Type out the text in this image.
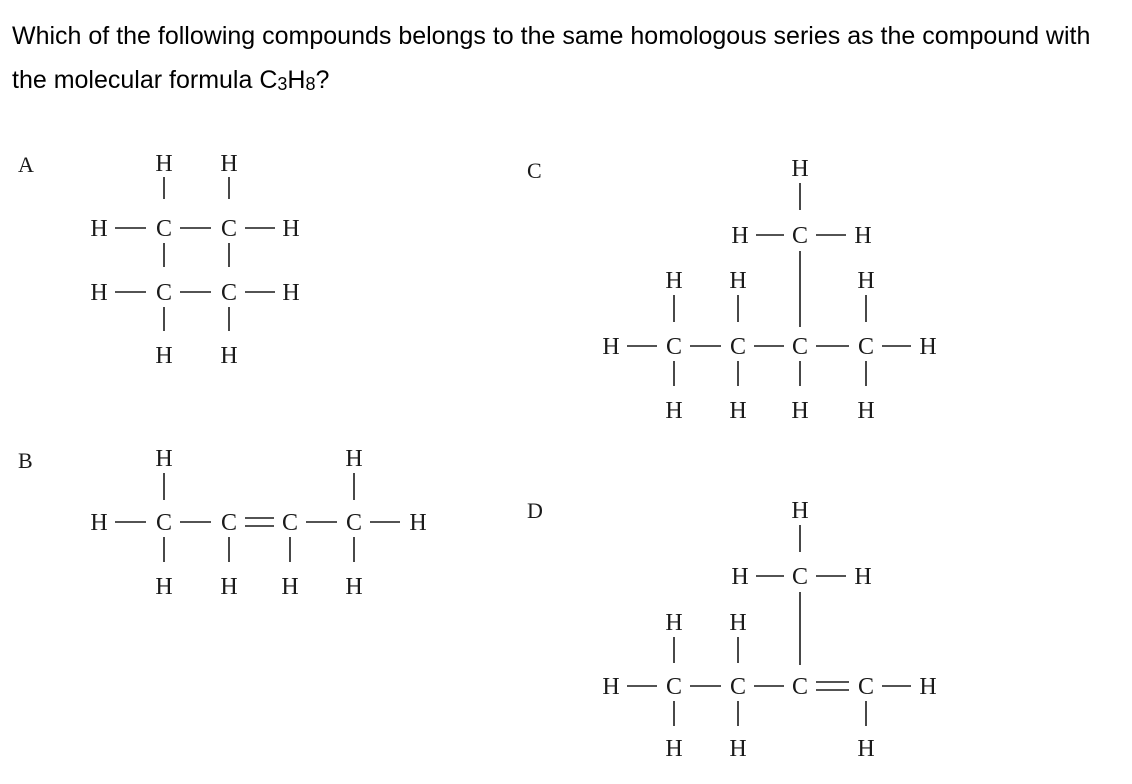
Which of the following compounds belongs to the same homologous series as the compound with the molecular formula $C_3H_8$?

A
B
C
D
H H
H C C H
H C C H
H H
H	H
H C C C C H
H H H H
H
H C H
H H	H
H C C C C H
H H H H
H
H C H
H H
H C C C C H
H H	H
